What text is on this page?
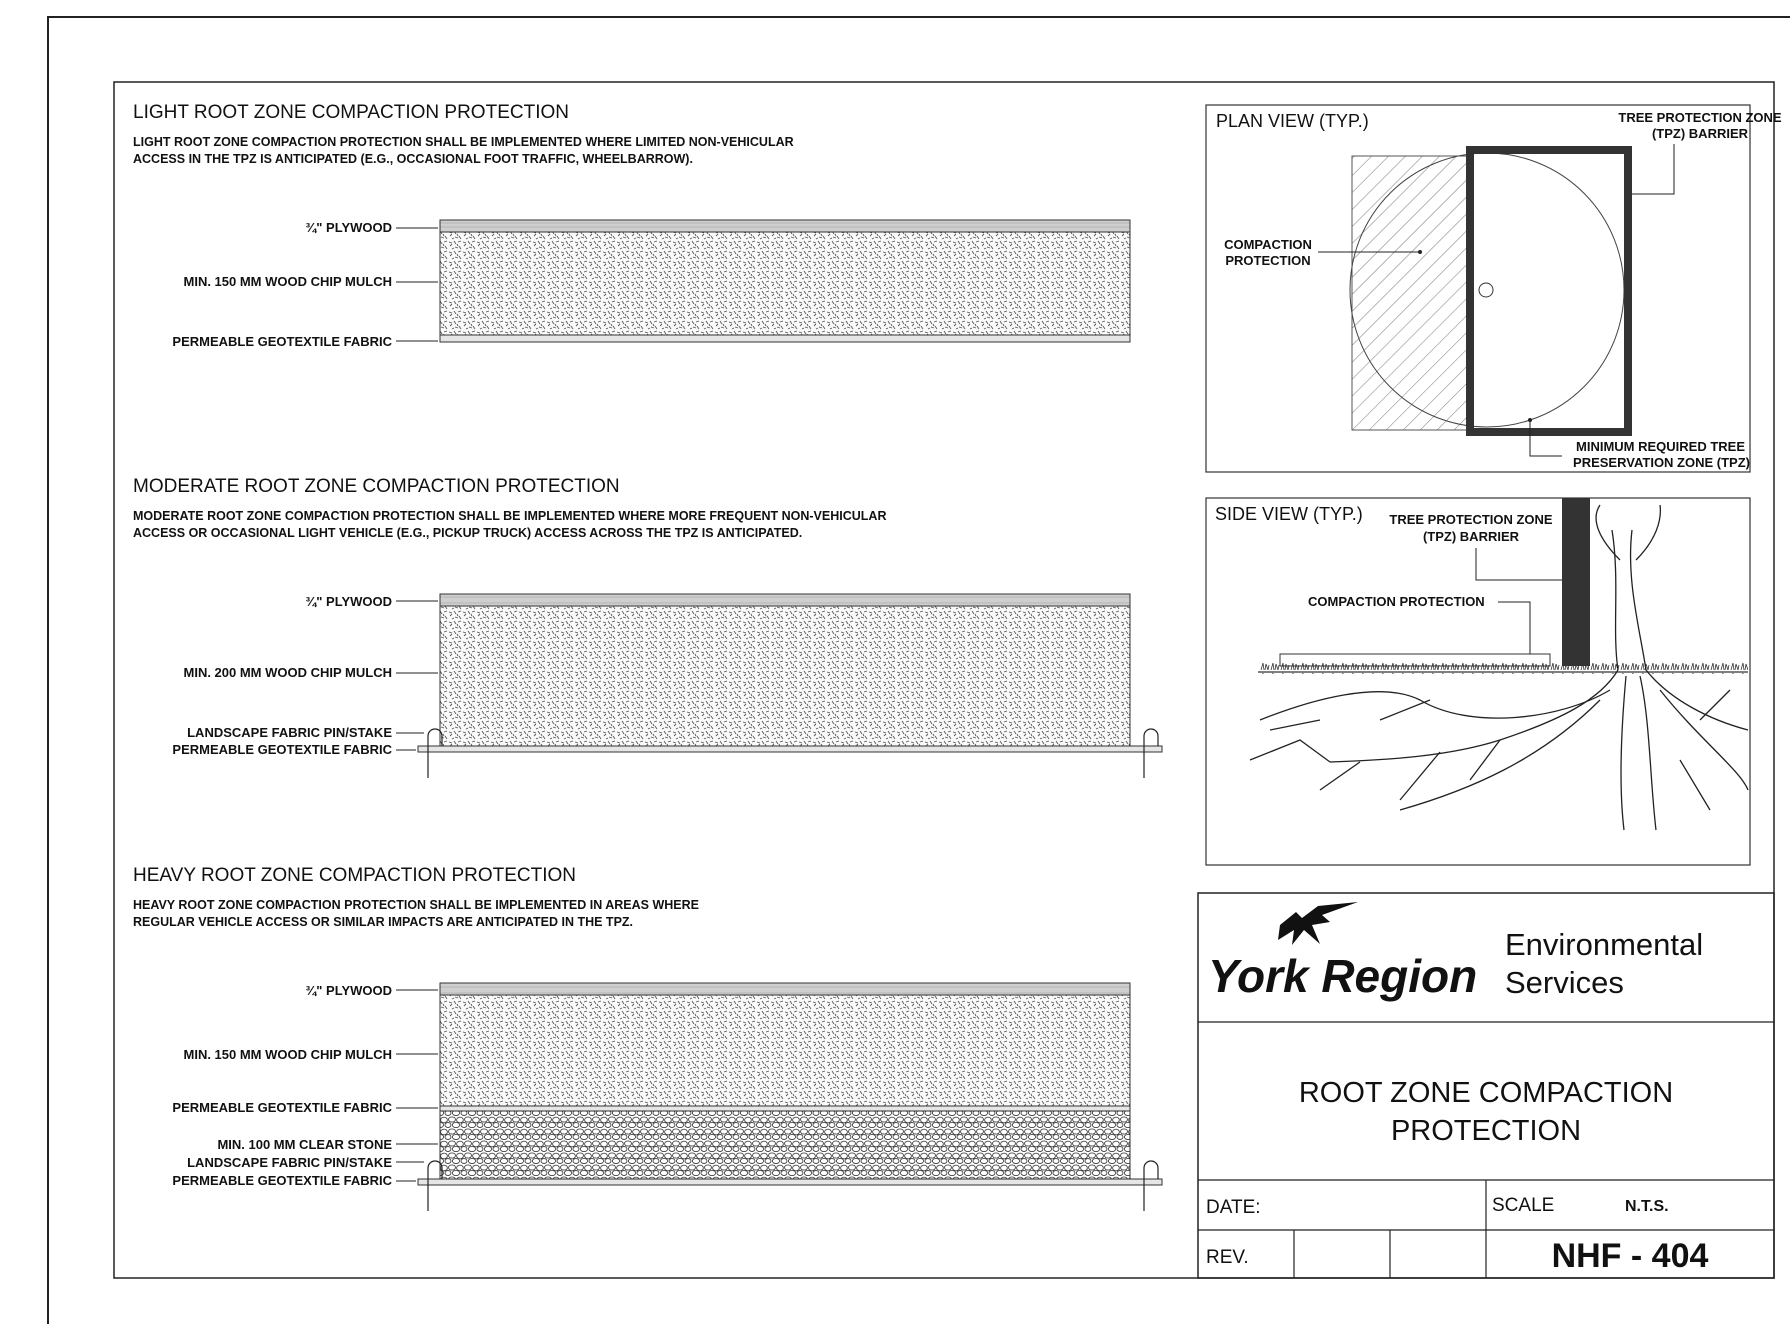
LIGHT ROOT ZONE COMPACTION PROTECTION
LIGHT ROOT ZONE COMPACTION PROTECTION SHALL BE IMPLEMENTED WHERE LIMITED NON-VEHICULAR
ACCESS IN THE TPZ IS ANTICIPATED (E.G., OCCASIONAL FOOT TRAFFIC, WHEELBARROW).
¾" PLYWOOD
MIN. 150 MM WOOD CHIP MULCH
PERMEABLE GEOTEXTILE FABRIC
MODERATE ROOT ZONE COMPACTION PROTECTION
MODERATE ROOT ZONE COMPACTION PROTECTION SHALL BE IMPLEMENTED WHERE MORE FREQUENT NON-VEHICULAR
ACCESS OR OCCASIONAL LIGHT VEHICLE (E.G., PICKUP TRUCK) ACCESS ACROSS THE TPZ IS ANTICIPATED.
¾" PLYWOOD
MIN. 200 MM WOOD CHIP MULCH
LANDSCAPE FABRIC PIN/STAKE
PERMEABLE GEOTEXTILE FABRIC
HEAVY ROOT ZONE COMPACTION PROTECTION
HEAVY ROOT ZONE COMPACTION PROTECTION SHALL BE IMPLEMENTED IN AREAS WHERE
REGULAR VEHICLE ACCESS OR SIMILAR IMPACTS ARE ANTICIPATED IN THE TPZ.
¾" PLYWOOD
MIN. 150 MM WOOD CHIP MULCH
PERMEABLE GEOTEXTILE FABRIC
MIN. 100 MM CLEAR STONE
LANDSCAPE FABRIC PIN/STAKE
PERMEABLE GEOTEXTILE FABRIC
PLAN VIEW (TYP.)	TREE PROTECTION ZONE
(TPZ) BARRIER
COMPACTION
PROTECTION
MINIMUM REQUIRED TREE
PRESERVATION ZONE (TPZ)
SIDE VIEW (TYP.) TREE PROTECTION ZONE
(TPZ) BARRIER
COMPACTION PROTECTION
York Region
Environmental
Services
ROOT ZONE COMPACTION
PROTECTION
DATE:	SCALE	N.T.S.
REV.	NHF - 404
